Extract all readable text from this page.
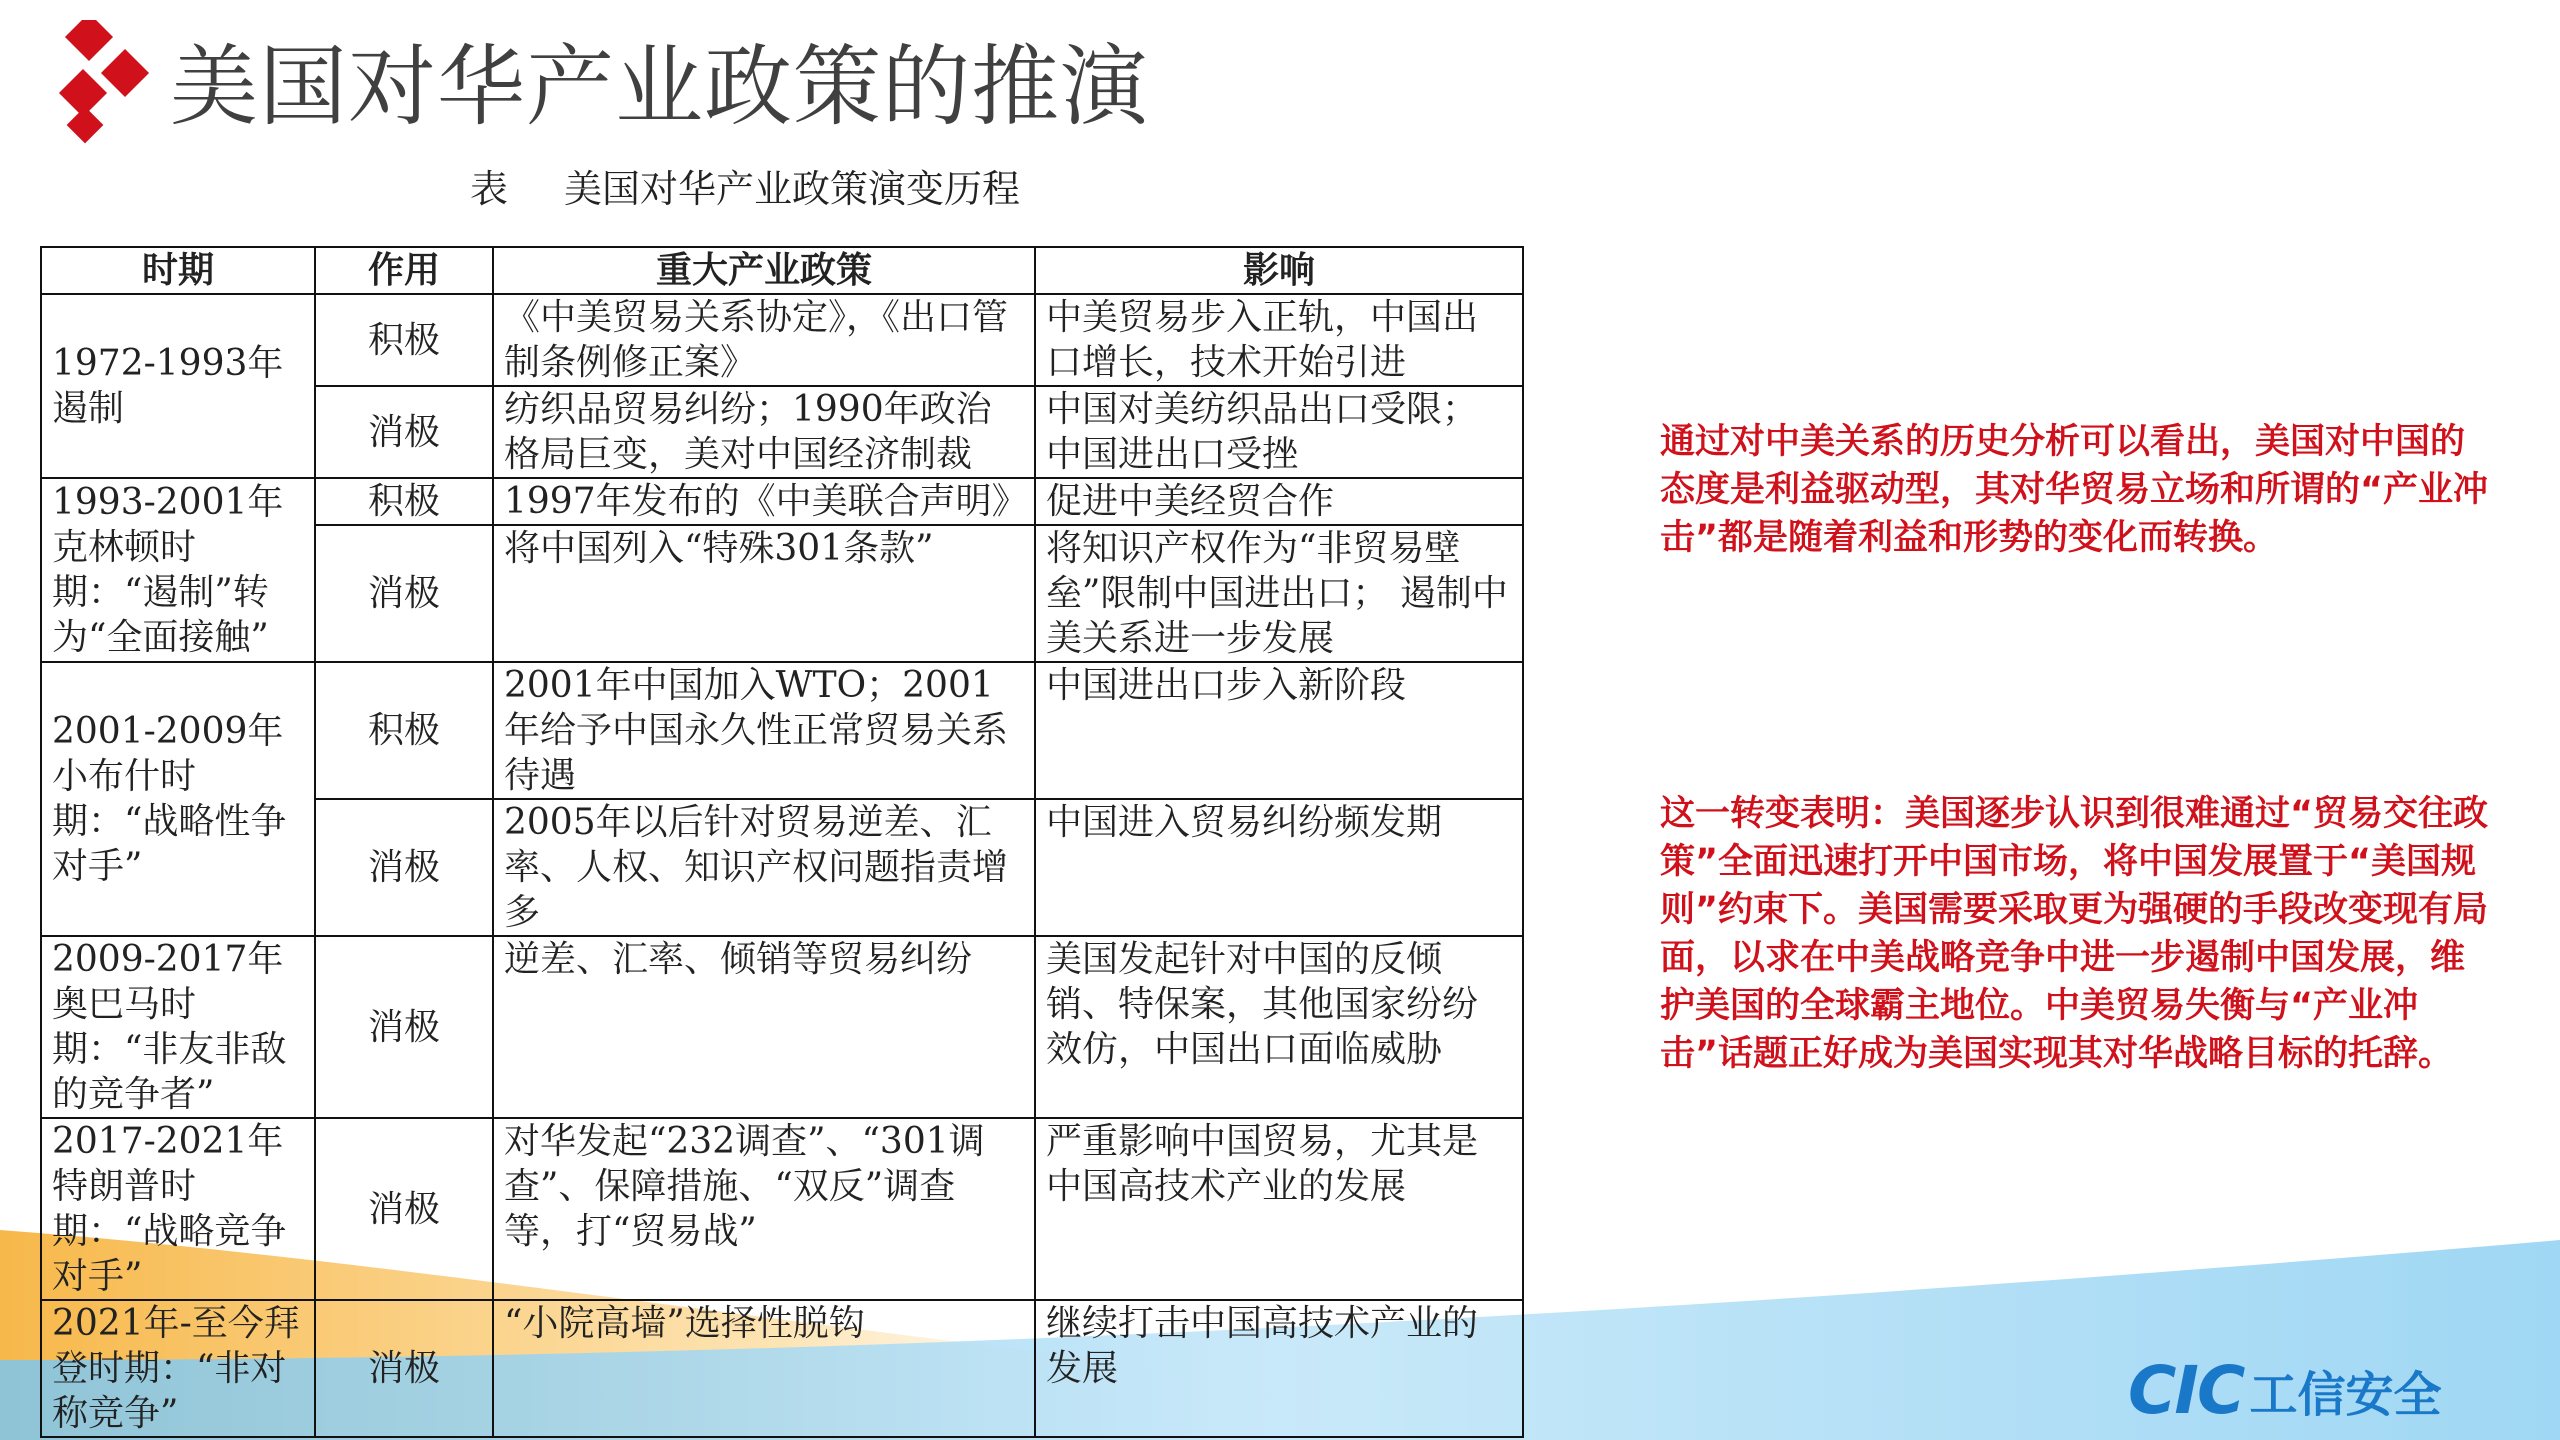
美国对华产业政策的推演
表 美国对华产业政策演变历程
时期	作用	重大产业政策	影响
1972-1993年遏制	积极	《中美贸易关系协定》，《出口管制条例修正案》	中美贸易步入正轨，中国出口增长，技术开始引进
	消极	纺织品贸易纠纷；1990年政治格局巨变，美对中国经济制裁	中国对美纺织品出口受限；中国进出口受挫
1993-2001年克林顿时期：“遏制”转为“全面接触”	积极	1997年发布的《中美联合声明》	促进中美经贸合作
	消极	将中国列入“特殊301条款”	将知识产权作为“非贸易壁垒”限制中国进出口； 遏制中美关系进一步发展
2001-2009年小布什时期：“战略性争对手”	积极	2001年中国加入WTO；2001年给予中国永久性正常贸易关系待遇	中国进出口步入新阶段
	消极	2005年以后针对贸易逆差、汇率、人权、知识产权问题指责增多	中国进入贸易纠纷频发期
2009-2017年奥巴马时期：“非友非敌的竞争者”	消极	逆差、汇率、倾销等贸易纠纷	美国发起针对中国的反倾销、特保案，其他国家纷纷效仿，中国出口面临威胁
2017-2021年特朗普时期：“战略竞争对手”	消极	对华发起“232调查”、“301调查”、保障措施、“双反”调查等，打“贸易战”	严重影响中国贸易，尤其是中国高技术产业的发展
2021年-至今拜登时期：“非对称竞争”	消极	“小院高墙”选择性脱钩	继续打击中国高技术产业的发展
通过对中美关系的历史分析可以看出，美国对中国的态度是利益驱动型，其对华贸易立场和所谓的“产业冲击”都是随着利益和形势的变化而转换。
这一转变表明：美国逐步认识到很难通过“贸易交往政策”全面迅速打开中国市场，将中国发展置于“美国规则”约束下。美国需要采取更为强硬的手段改变现有局面，以求在中美战略竞争中进一步遏制中国发展，维护美国的全球霸主地位。中美贸易失衡与“产业冲击”话题正好成为美国实现其对华战略目标的托辞。
CIC 工信安全
